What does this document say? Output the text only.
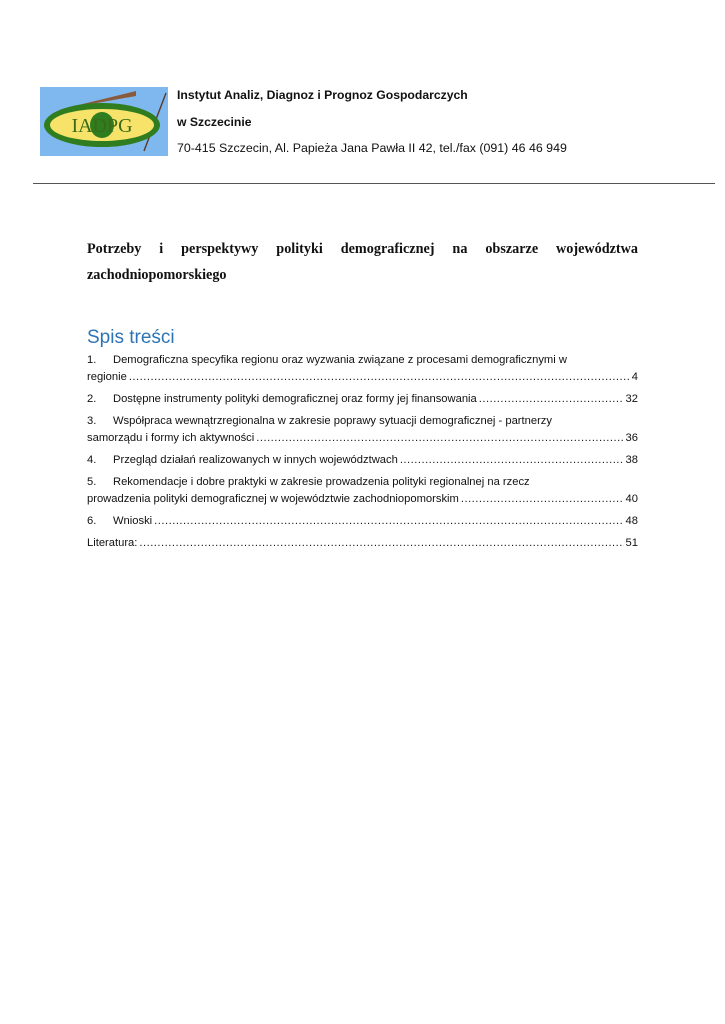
IADPG
Instytut Analiz, Diagnoz i Prognoz Gospodarczych
w Szczecinie
70-415 Szczecin, Al. Papieża Jana Pawła II 42, tel./fax (091) 46 46 949
Potrzeby i perspektywy polityki demograficznej na obszarze województwa zachodniopomorskiego
Spis treści
1.	Demograficzna specyfika regionu oraz wyzwania związane z procesami demograficznymi w
regionie .....	4
2.	Dostępne instrumenty polityki demograficznej oraz formy jej finansowania .....	32
3.	Współpraca wewnątrzregionalna w zakresie poprawy sytuacji demograficznej - partnerzy
samorządu i formy ich aktywności .....	36
4.	Przegląd działań realizowanych w innych województwach .....	38
5.	Rekomendacje i dobre praktyki w zakresie prowadzenia polityki regionalnej na rzecz
prowadzenia polityki demograficznej w województwie zachodniopomorskim .....	40
6.	Wnioski .....	48
Literatura: .....	51
